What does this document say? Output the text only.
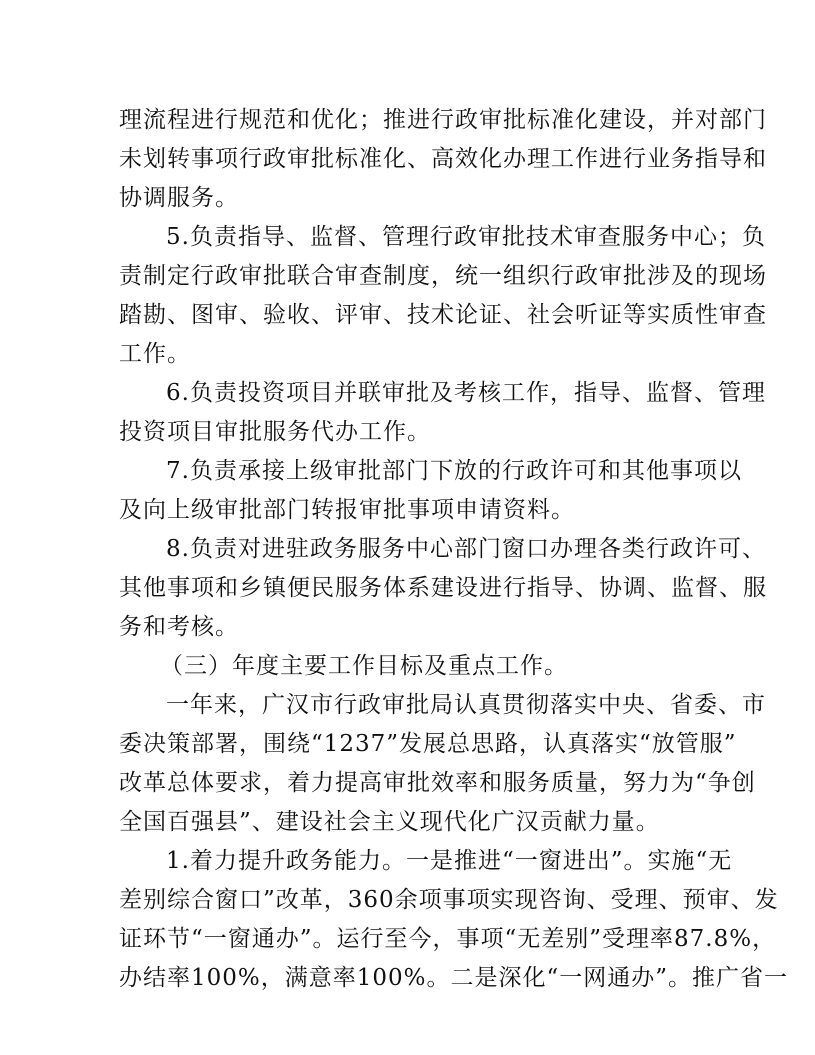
理流程进行规范和优化；推进行政审批标准化建设，并对部门
未划转事项行政审批标准化、高效化办理工作进行业务指导和
协调服务。
5.负责指导、监督、管理行政审批技术审查服务中心；负
责制定行政审批联合审查制度，统一组织行政审批涉及的现场
踏勘、图审、验收、评审、技术论证、社会听证等实质性审查
工作。
6.负责投资项目并联审批及考核工作，指导、监督、管理
投资项目审批服务代办工作。
7.负责承接上级审批部门下放的行政许可和其他事项以
及向上级审批部门转报审批事项申请资料。
8.负责对进驻政务服务中心部门窗口办理各类行政许可、
其他事项和乡镇便民服务体系建设进行指导、协调、监督、服
务和考核。
（三）年度主要工作目标及重点工作。
一年来，广汉市行政审批局认真贯彻落实中央、省委、市
委决策部署，围绕“1237”发展总思路，认真落实“放管服”
改革总体要求，着力提高审批效率和服务质量，努力为“争创
全国百强县”、建设社会主义现代化广汉贡献力量。
1.着力提升政务能力。一是推进“一窗进出”。实施“无
差别综合窗口”改革，360余项事项实现咨询、受理、预审、发
证环节“一窗通办”。运行至今，事项“无差别”受理率87.8%，
办结率100%，满意率100%。二是深化“一网通办”。推广省一
